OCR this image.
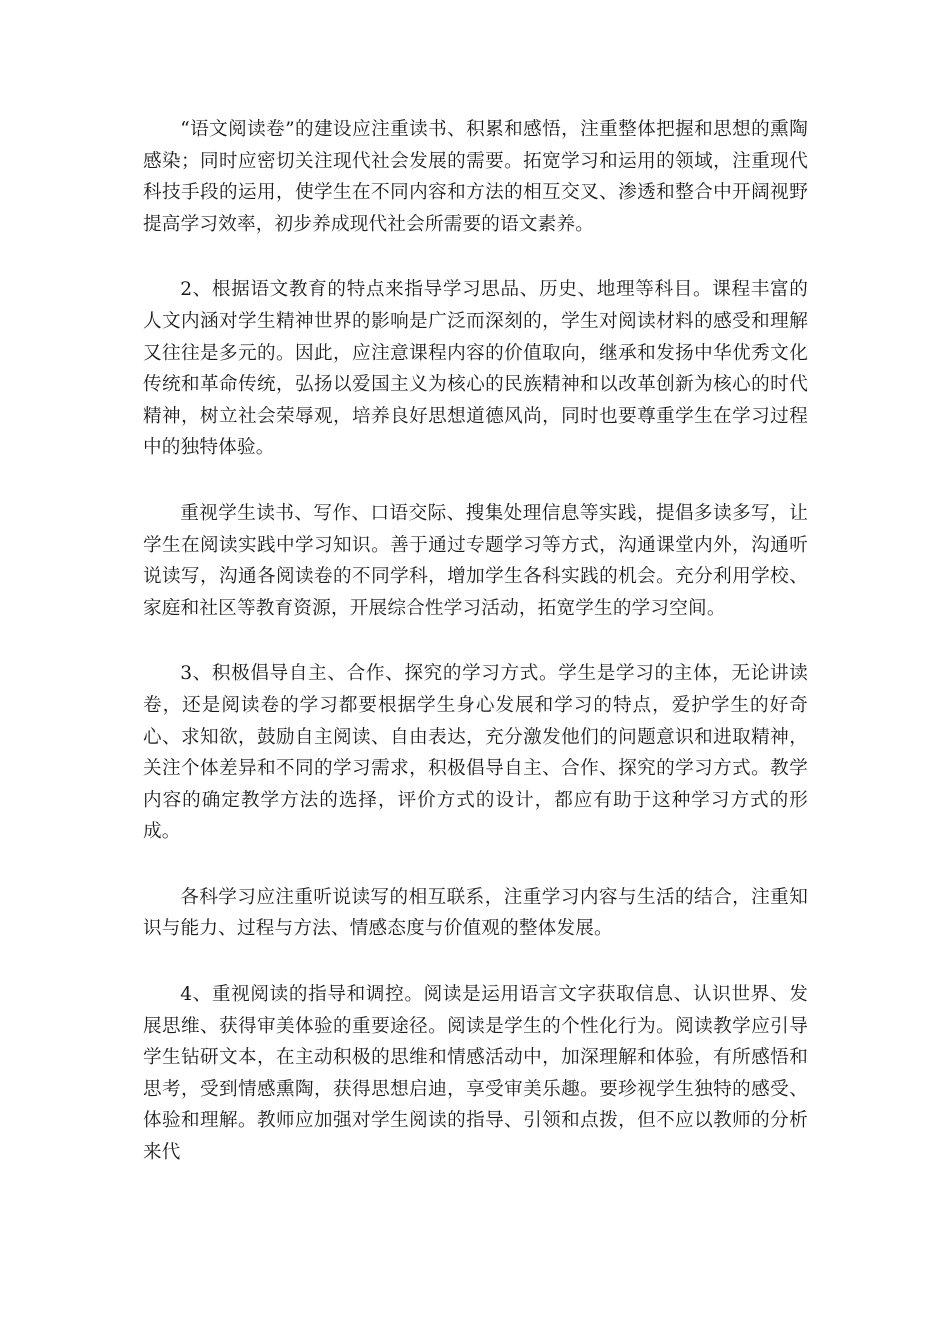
“语文阅读卷”的建设应注重读书、积累和感悟，注重整体把握和思想的熏陶感染；同时应密切关注现代社会发展的需要。拓宽学习和运用的领域，注重现代科技手段的运用，使学生在不同内容和方法的相互交叉、渗透和整合中开阔视野提高学习效率，初步养成现代社会所需要的语文素养。

2、根据语文教育的特点来指导学习思品、历史、地理等科目。课程丰富的人文内涵对学生精神世界的影响是广泛而深刻的，学生对阅读材料的感受和理解又往往是多元的。因此，应注意课程内容的价值取向，继承和发扬中华优秀文化传统和革命传统，弘扬以爱国主义为核心的民族精神和以改革创新为核心的时代精神，树立社会荣辱观，培养良好思想道德风尚，同时也要尊重学生在学习过程中的独特体验。

重视学生读书、写作、口语交际、搜集处理信息等实践，提倡多读多写，让学生在阅读实践中学习知识。善于通过专题学习等方式，沟通课堂内外，沟通听说读写，沟通各阅读卷的不同学科，增加学生各科实践的机会。充分利用学校、家庭和社区等教育资源，开展综合性学习活动，拓宽学生的学习空间。

3、积极倡导自主、合作、探究的学习方式。学生是学习的主体，无论讲读卷，还是阅读卷的学习都要根据学生身心发展和学习的特点，爱护学生的好奇心、求知欲，鼓励自主阅读、自由表达，充分激发他们的问题意识和进取精神，关注个体差异和不同的学习需求，积极倡导自主、合作、探究的学习方式。教学内容的确定教学方法的选择，评价方式的设计，都应有助于这种学习方式的形成。

各科学习应注重听说读写的相互联系，注重学习内容与生活的结合，注重知识与能力、过程与方法、情感态度与价值观的整体发展。

4、重视阅读的指导和调控。阅读是运用语言文字获取信息、认识世界、发展思维、获得审美体验的重要途径。阅读是学生的个性化行为。阅读教学应引导学生钻研文本，在主动积极的思维和情感活动中，加深理解和体验，有所感悟和思考，受到情感熏陶，获得思想启迪，享受审美乐趣。要珍视学生独特的感受、体验和理解。教师应加强对学生阅读的指导、引领和点拨，但不应以教师的分析来代
